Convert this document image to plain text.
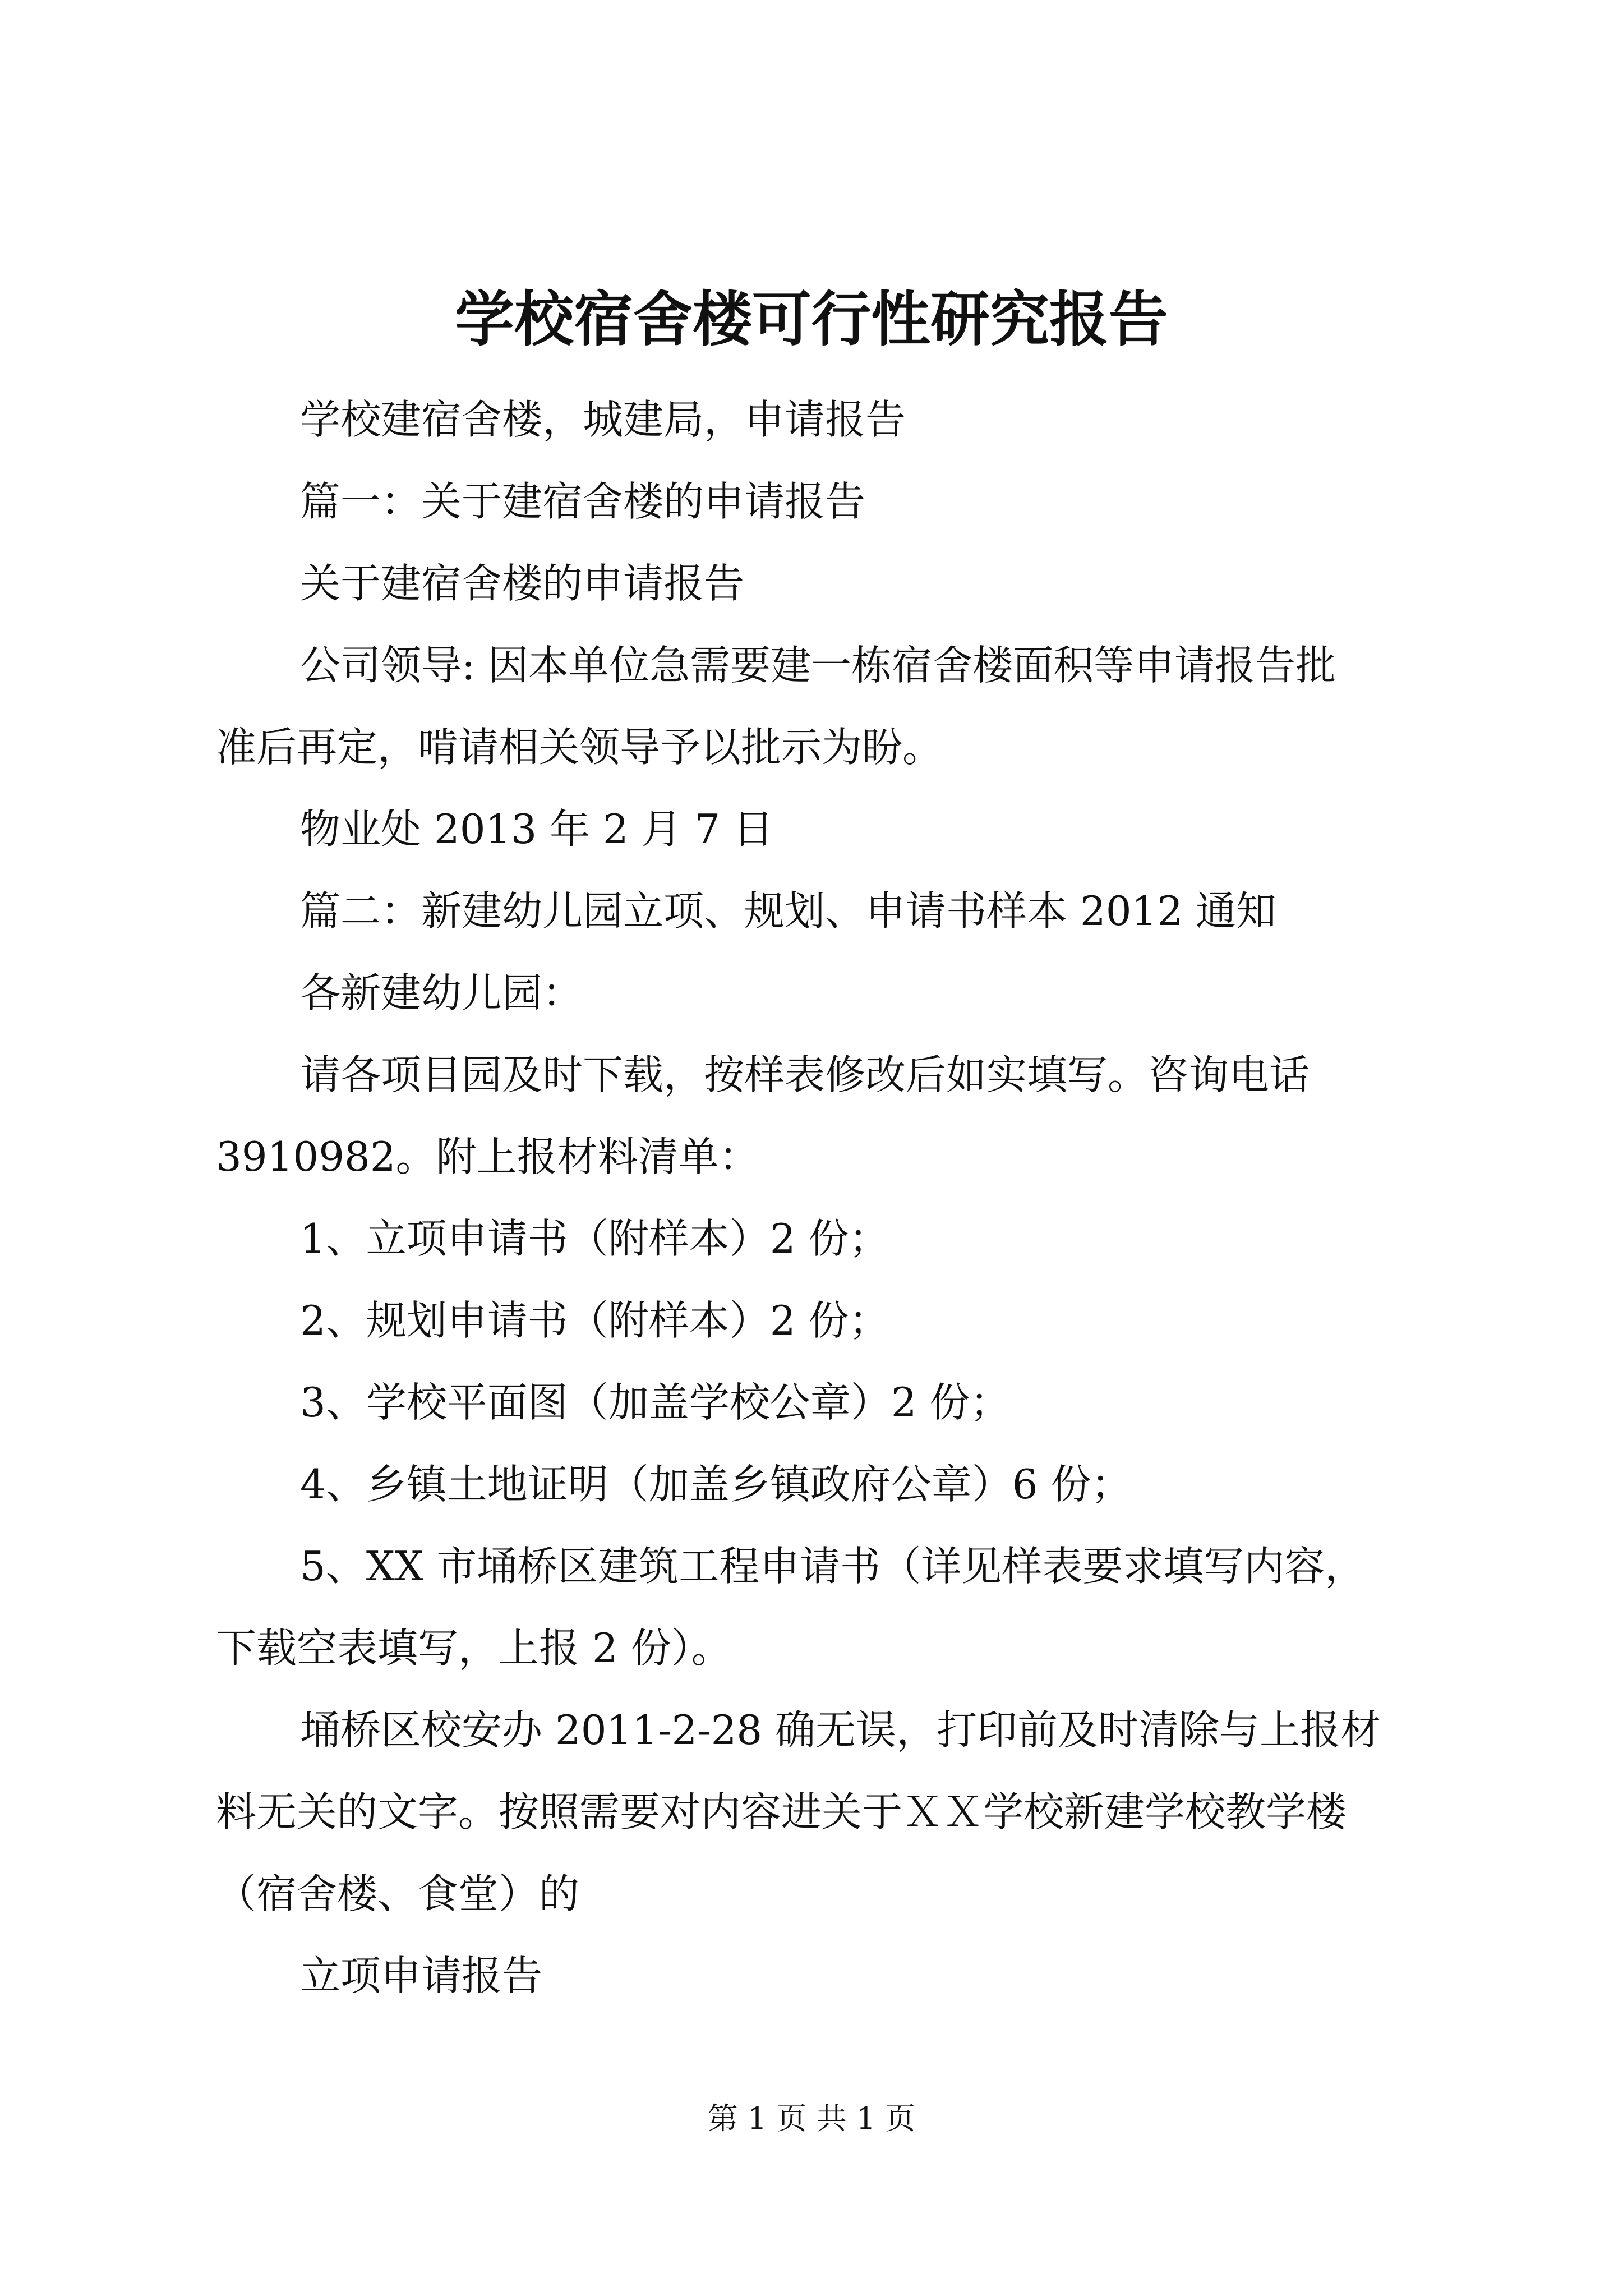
学校宿舍楼可行性研究报告

学校建宿舍楼，城建局，申请报告

篇一：关于建宿舍楼的申请报告

关于建宿舍楼的申请报告

公司领导: 因本单位急需要建一栋宿舍楼面积等申请报告批

准后再定，啃请相关领导予以批示为盼。

物业处 2013 年 2 月 7 日

篇二：新建幼儿园立项、规划、申请书样本 2012 通知

各新建幼儿园：

请各项目园及时下载，按样表修改后如实填写。咨询电话

3910982。附上报材料清单：

1、立项申请书（附样本）2 份；

2、规划申请书（附样本）2 份；

3、学校平面图（加盖学校公章）2 份；

4、乡镇土地证明（加盖乡镇政府公章）6 份；

5、XX 市埇桥区建筑工程申请书（详见样表要求填写内容，

下载空表填写，上报 2 份）。

埇桥区校安办 2011-2-28 确无误，打印前及时清除与上报材

料无关的文字。按照需要对内容进关于ＸＸ学校新建学校教学楼

（宿舍楼、食堂）的

立项申请报告

第 1 页 共 1 页
